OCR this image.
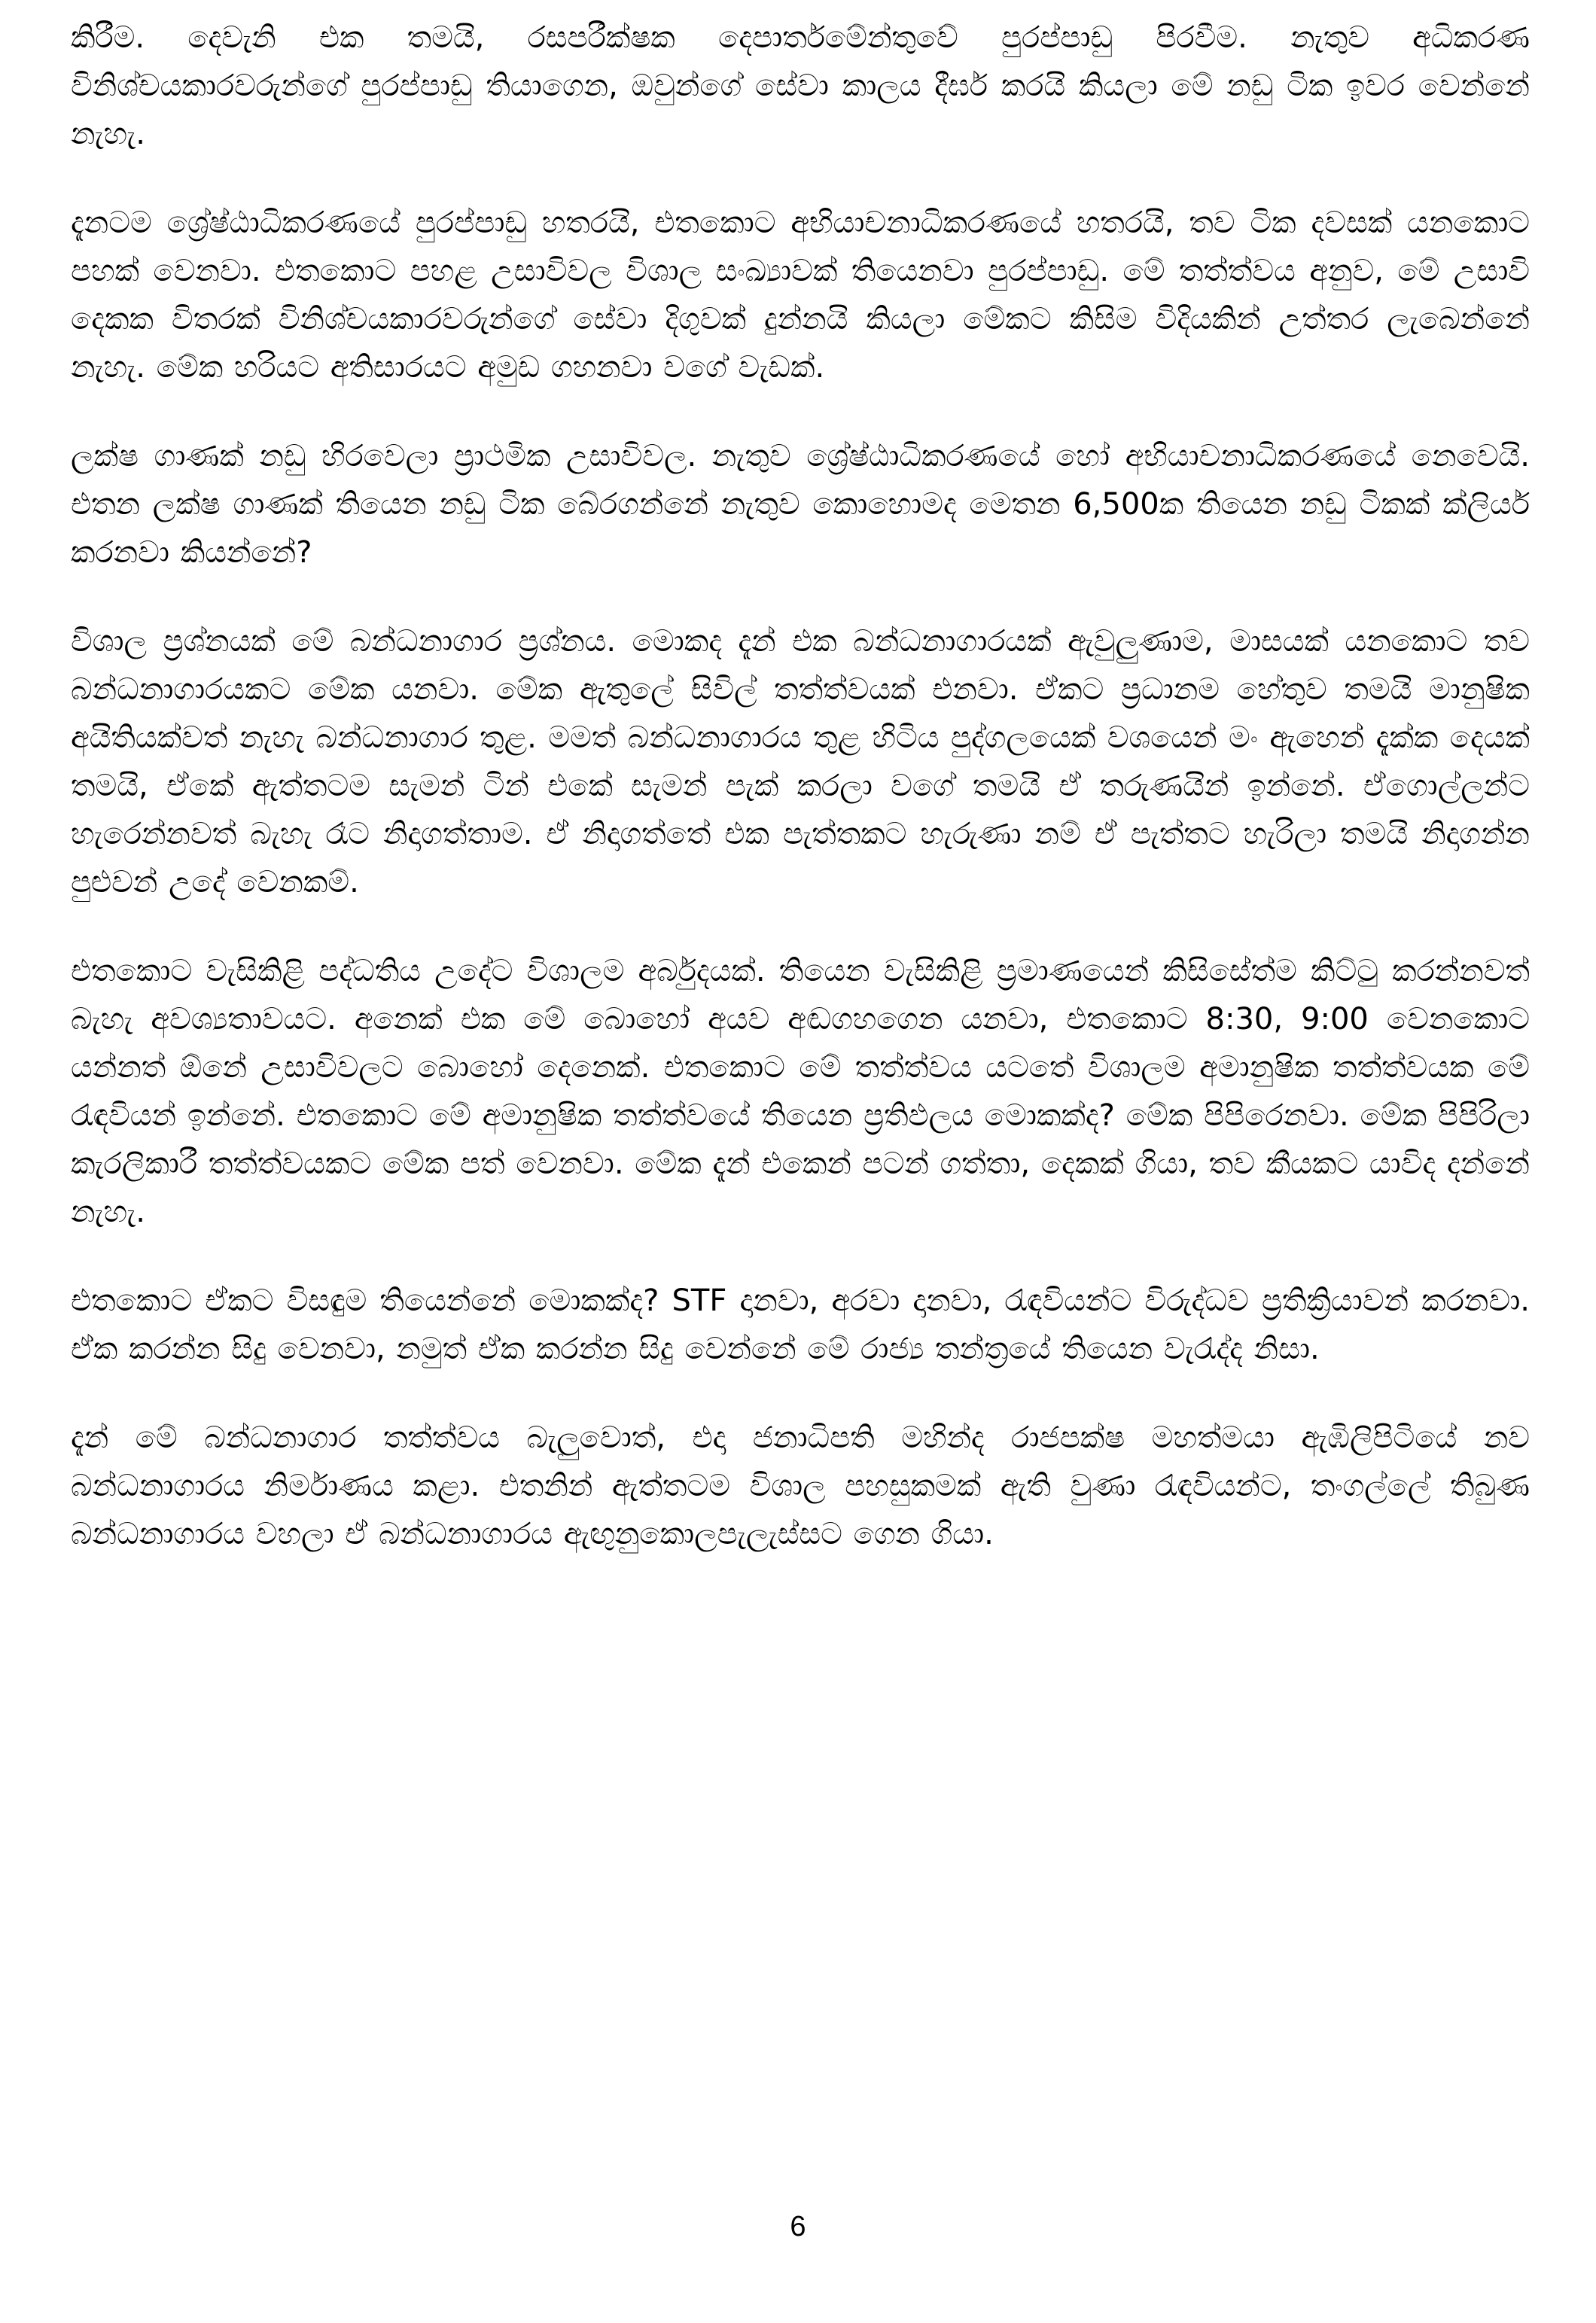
කිරීම. දෙවැනි එක තමයි, රසපරීක්ෂක දෙපාර්තමේන්තුවේ පුරප්පාඩු පිරවීම. නැතුව අධිකරණ විනිශ්චයකාරවරුන්ගේ පුරප්පාඩු තියාගෙන, ඔවුන්ගේ සේවා කාලය දීර්ඝ කරයි කියලා මේ නඩු ටික ඉවර වෙන්නේ නැහැ.

දැනටම ශ්‍රේෂ්ඨාධිකරණයේ පුරප්පාඩු හතරයි, එතකොට අභියාචනාධිකරණයේ හතරයි, තව ටික දවසක් යනකොට පහක් වෙනවා. එතකොට පහළ උසාවිවල විශාල සංඛ්‍යාවක් තියෙනවා පුරප්පාඩු. මේ තත්ත්වය අනුව, මේ උසාවි දෙකක විතරක් විනිශ්චයකාරවරුන්ගේ සේවා දිගුවක් දුන්නයි කියලා මේකට කිසිම විදියකින් උත්තර ලැබෙන්නේ නැහැ. මේක හරියට අතිසාරයට අමුඩ ගහනවා වගේ වැඩක්.

ලක්ෂ ගාණක් නඩු හිරවෙලා ප්‍රාථමික උසාවිවල. නැතුව ශ්‍රේෂ්ඨාධිකරණයේ හෝ අභියාචනාධිකරණයේ නෙවෙයි. එතන ලක්ෂ ගාණක් තියෙන නඩු ටික බේරගන්නේ නැතුව කොහොමද මෙතන 6,500ක තියෙන නඩු ටිකක් ක්ලියර් කරනවා කියන්නේ?

විශාල ප්‍රශ්නයක් මේ බන්ධනාගාර ප්‍රශ්නය. මොකද දැන් එක බන්ධනාගාරයක් ඇවුලුණාම, මාසයක් යනකොට තව බන්ධනාගාරයකට මේක යනවා. මේක ඇතුලේ සිවිල් තත්ත්වයක් එනවා. ඒකට ප්‍රධානම හේතුව තමයි මානුෂික අයිතියක්වත් නැහැ බන්ධනාගාර තුළ. මමත් බන්ධනාගාරය තුළ හිටිය පුද්ගලයෙක් වශයෙන් මං ඇහෙන් දැක්ක දෙයක් තමයි, ඒකේ ඇත්තටම සැමන් ටින් එකේ සැමන් පැක් කරලා වගේ තමයි ඒ තරුණයින් ඉන්නේ. ඒගොල්ලන්ට හැරෙන්නවත් බැහැ රෑට නිදාගත්තාම. ඒ නිදාගත්තේ එක පැත්තකට හැරුණා නම් ඒ පැත්තට හැරිලා තමයි නිදාගන්න පුළුවන් උදේ වෙනකම්.

එතකොට වැසිකිළි පද්ධතිය උදේට විශාලම අර්බුදයක්. තියෙන වැසිකිළි ප්‍රමාණයෙන් කිසිසේත්ම කිට්ටු කරන්නවත් බැහැ අවශ්‍යතාවයට. අනෙක් එක මේ බොහෝ අයව අඬගහගෙන යනවා, එතකොට 8:30, 9:00 වෙනකොට යන්නත් ඕනේ උසාවිවලට බොහෝ දෙනෙක්. එතකොට මේ තත්ත්වය යටතේ විශාලම අමානුෂික තත්ත්වයක මේ රැඳවියන් ඉන්නේ. එතකොට මේ අමානුෂික තත්ත්වයේ තියෙන ප්‍රතිඵලය මොකක්ද? මේක පිපිරෙනවා. මේක පිපිරිලා කැරලිකාරී තත්ත්වයකට මේක පත් වෙනවා. මේක දැන් එකෙන් පටන් ගත්තා, දෙකක් ගියා, තව කීයකට යාවිද දන්නේ නැහැ.

එතකොට ඒකට විසඳුම තියෙන්නේ මොකක්ද? STF දානවා, අරවා දානවා, රැඳවියන්ට විරුද්ධව ප්‍රතික්‍රියාවන් කරනවා. ඒක කරන්න සිදු වෙනවා, නමුත් ඒක කරන්න සිදු වෙන්නේ මේ රාජ්‍ය තන්ත්‍රයේ තියෙන වැරැද්ද නිසා.

දැන් මේ බන්ධනාගාර තත්ත්වය බැලුවොත්, එදා ජනාධිපති මහින්ද රාජපක්ෂ මහත්මයා ඇඹිලිපිටියේ නව බන්ධනාගාරය නිර්මාණය කළා. එතනින් ඇත්තටම විශාල පහසුකමක් ඇති වුණා රැඳවියන්ට, තංගල්ලේ තිබුණ බන්ධනාගාරය වහලා ඒ බන්ධනාගාරය ඇඟුනුකොලපැලැස්සට ගෙන ගියා.

6
